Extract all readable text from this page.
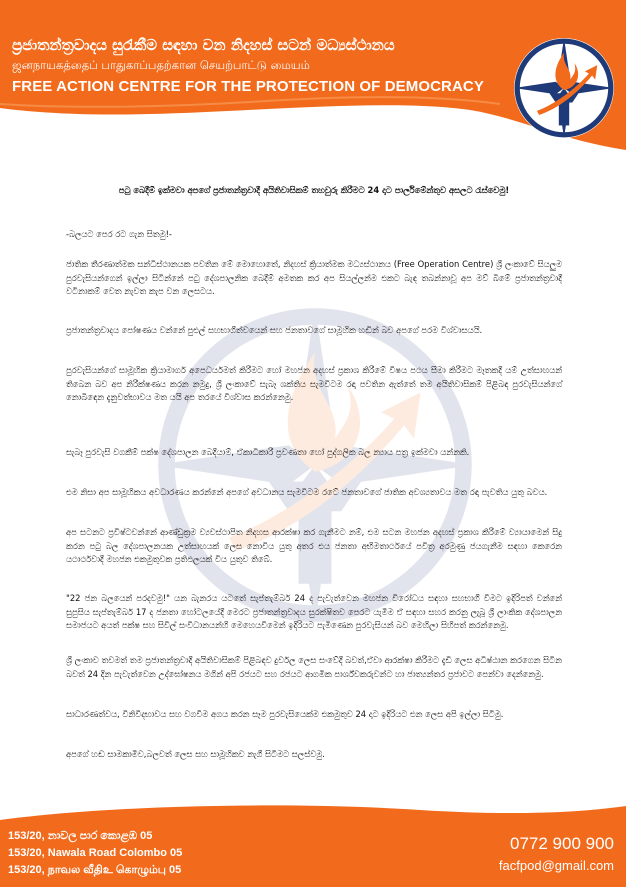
ප්‍රජාතන්ත්‍රවාදය සුරැකීම සඳහා වන නිදහස් සටන් මධ්‍යස්ථානය
ஜனநாயகத்தைப் பாதுகாப்பதற்கான செயற்பாட்டு மையம்
FREE ACTION CENTRE FOR THE PROTECTION OF DEMOCRACY

පටු බෙදීම් ඉක්මවා අපගේ ප්‍රජාතන්ත්‍රවාදී අයිතිවාසිකම් තහවුරු කිරීමට 24 දාට පාර්ලිමේන්තුව අසලට රැස්වෙමු!

-බලයට පෙර රට ගැන සිතමු!-

ජාතික තීරණාත්මක සන්ධිස්ථානයක පවතින මේ මොහොතේ, නිදහස් ක්‍රියාත්මක මධ්‍යස්ථානය (Free Operation Centre) ශ්‍රී ලංකාවේ සියලුම පුරවැසියන්ගෙන් ඉල්ලා සිටින්නේ පටු දේශපාලනික බෙදීම් අමතක කර අප සියල්ලන්ම එකට බැඳ තබන්නාවූ අප මව් බිමේ ප්‍රජාතන්ත්‍රවාදී වටිනාකම් වෙත නැවත කැප වන ලෙසටය.

ප්‍රජාතන්ත්‍රවාදය පෝෂණය වන්නේ පුළුල් සහභාගීත්වයෙන් සහ ජනතාවගේ සාමූහික හඬින් බව අපගේ පරම විශ්වාසයයි.

පුරවැසියන්ගේ සාමූහික ක්‍රියාමාර්ග අපෙධර්යමත් කිරීමට හෝ මහජන අදහස් ප්‍රකාශ කිරීමේ විෂය පථය සීමා කිරීමට මෑතකදී යම් උත්සාහයන් තිබෙන බව අප නිරීක්ෂණය කරන නමුදු, ශ්‍රී ලංකාවේ සැබෑ ශක්තිය සැමවිටම රඳා පවතින ඇත්තේ තම අයිතිවාසිකම් පිළිබඳ පුරවැසියන්ගේ නොබිඳෙන දැනුවත්භාවය මත යයි අප තරයේ විශ්වාස කරන්නෙමු.

සැබෑ පුරවැසි වගකීම් පක්ෂ දේශපාලන බෙදීයාම්, ඒකාධිකාරී ප්‍රවණතා හෝ පුද්ගලික බල න්‍යාය පත්‍ර ඉක්මවා යන්නකි.

එම නිසා අප සාමූහිකය අවධාරණය කරන්නේ අපගේ අවධානය සැමවිටම රටේ ජනතාවගේ ජාතික අවශ්‍යතාවය මත රඳා පැවතිය යුතු බවය.

අප සටනට ප්‍රවිෂ්ටවන්නේ ආණ්ඩුක්‍රම ව්‍යවස්ථාපිත නිදහස ආරක්ෂා කර ගැනීමට නම්, එම සටන මහජන අදහස් ප්‍රකාශ කිරීමේ ව්‍යායාමෙන් සිදු කරන පටු බල දේශපාලනයක උත්සාහයක් ලෙස නොවිය යුතු අතර එය ජනතා අභිමතාර්ථයේ පවිත්‍ර අරමුණු ජයගැනීම සඳහා කෙරෙන යථාර්ථවාදී මහජන එකමුතුවක ප්‍රතිඵලයක් විය යුතුව තිබේ.

"22 ජන බලයෙන් පරදවමු!" යන බැනරය යටතේ සැප්තැම්බර් 24 ද පැවැත්වෙන මහජන විරෝධය සඳහා සහභාගී වීමට ඉදිරිපත් වන්නේ සුපුසිය සැප්තැම්බර් 17 ද ජනතා හෝටලයේදී මෙරට ප්‍රජාතන්ත්‍රවාදය සුරක්ෂිතව පෙරට යැමීම ඒ සඳහා සහර කරනු ලැබූ ශ්‍රී ලාංකික දේශපාලන සමාජයට අයත් පක්ෂ සහ සිවිල් සංවිධානයන්හි මෙහෙයවීමෙන් ඉදිරියට පැමිණෙන පුරවැසියන් බව මෙහිලා සිහිපත් කරන්නෙමු.

ශ්‍රී ලංකාව තවමත් තම ප්‍රජාතන්ත්‍රවාදී අයිතිවාසිකම් පිළිබඳව දුර්වල ලෙස සංවේදී බවත්,ඒවා ආරක්ෂා කිරීමට දැඩි ලෙස අධිෂ්ඨාන කරගෙන සිටින බවත් 24 දින පැවැත්වෙන උද්ඝෝෂනය මගින් අපි රජයට සහ රජයට ආගමික පාර්ශ්වකරුවන්ට හා ජාත්‍යන්තර ප්‍රජාවට පෙන්වා දෙන්නෙමු.

සාධාරණත්වය, විනිවිදභාවය සහ වගවීම අගය කරන සෑම පුරවැසියෙක්ම එකමුතුව 24 දාට ඉදිරියට එන ලෙස අපි ඉල්ලා සිටිමු.

අපගේ හඬ සාමකාමීව,බලවත් ලෙස සහ සාමූහිකව නැගී සිටීමට සලස්වමු.

153/20, නාවල පාර කොළඹ 05
153/20, Nawala Road Colombo 05
153/20, நாவல வீதிஉ கொழும்பு 05
0772 900 900
facfpod@gmail.com
